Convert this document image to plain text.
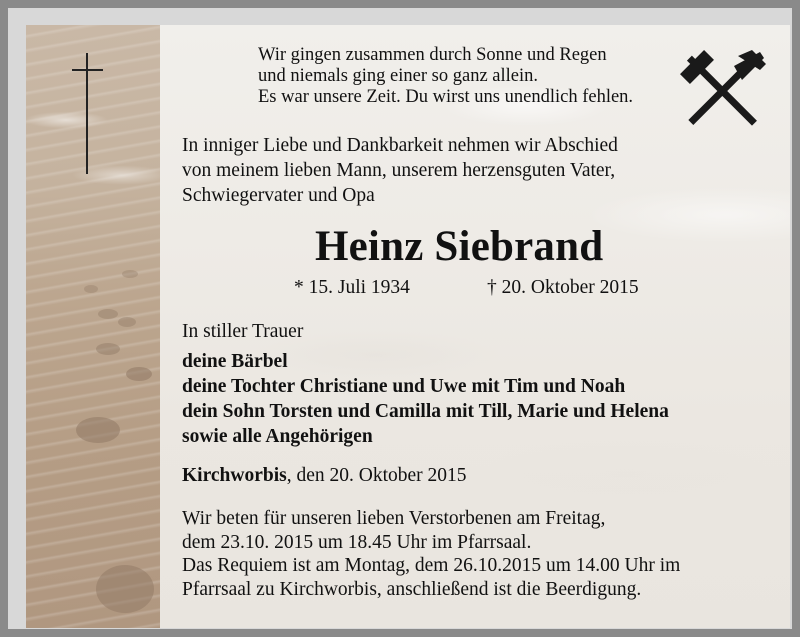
Wir gingen zusammen durch Sonne und Regen
und niemals ging einer so ganz allein.
Es war unsere Zeit. Du wirst uns unendlich fehlen.
In inniger Liebe und Dankbarkeit nehmen wir Abschied
von meinem lieben Mann, unserem herzensguten Vater,
Schwiegervater und Opa
Heinz Siebrand
* 15. Juli 1934	† 20. Oktober 2015
In stiller Trauer
deine Bärbel
deine Tochter Christiane und Uwe mit Tim und Noah
dein Sohn Torsten und Camilla mit Till, Marie und Helena
sowie alle Angehörigen
Kirchworbis, den 20. Oktober 2015
Wir beten für unseren lieben Verstorbenen am Freitag,
dem 23.10. 2015 um 18.45 Uhr im Pfarrsaal.
Das Requiem ist am Montag, dem 26.10.2015 um 14.00 Uhr im
Pfarrsaal zu Kirchworbis, anschließend ist die Beerdigung.
